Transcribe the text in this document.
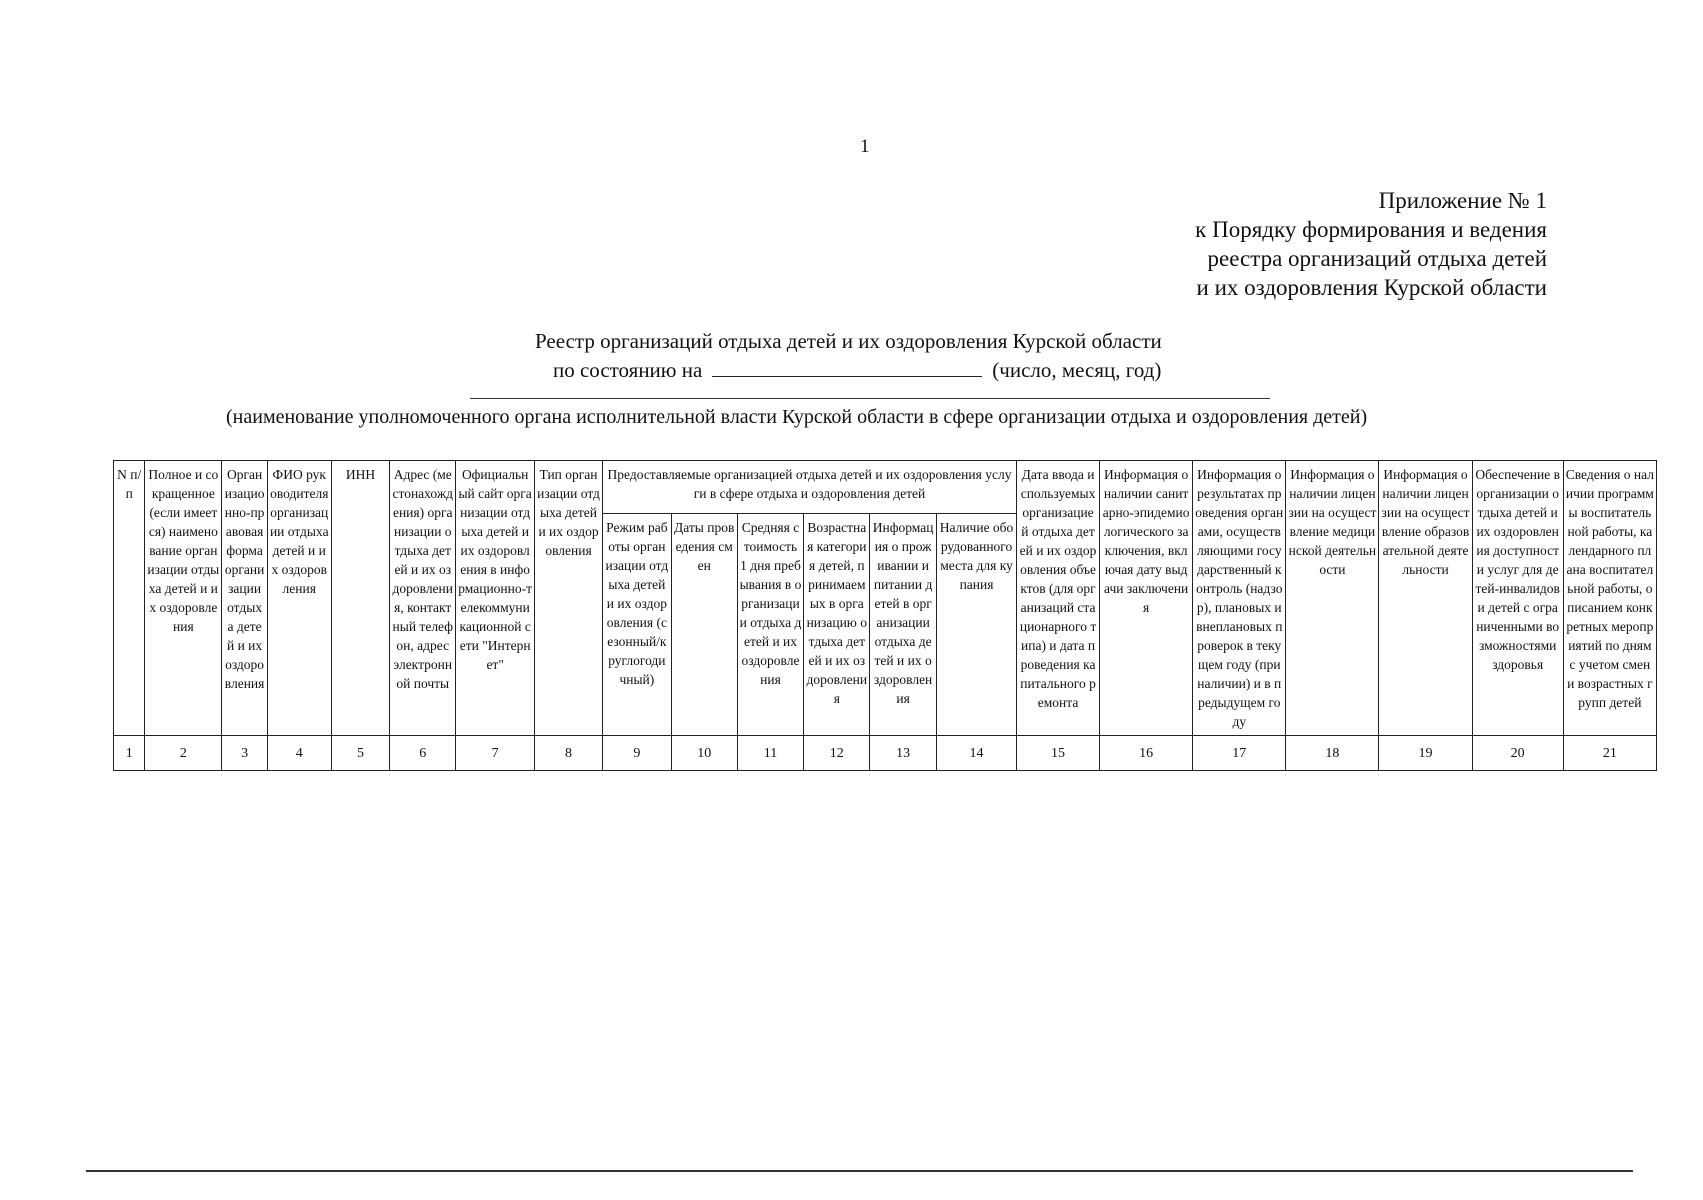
1
Приложение № 1
к Порядку формирования и ведения
реестра организаций отдыха детей
и их оздоровления Курской области
Реестр организаций отдыха детей и их оздоровления Курской области
по состоянию на	(число, месяц, год)
(наименование уполномоченного органа исполнительной власти Курской области в сфере организации отдыха и оздоровления детей)
N п/п	Полное и сокращенное (если имеется) наименование организации отдыха детей и их оздоровления	Организационно-правовая форма организации отдыха детей и их оздоровления	ФИО руководителя организации отдыха детей и их оздоровления	ИНН	Адрес (местонахождения) организации отдыха детей и их оздоровления, контактный телефон, адрес электронной почты	Официальный сайт организации отдыха детей и их оздоровления в информационно-телекоммуникационной сети "Интернет"	Тип организации отдыха детей и их оздоровления	Предоставляемые организацией отдыха детей и их оздоровления услуги в сфере отдыха и оздоровления детей						Дата ввода используемых организацией отдыха детей и их оздоровления объектов (для организаций стационарного типа) и дата проведения капитального ремонта	Информация о наличии санитарно-эпидемиологического заключения, включая дату выдачи заключения	Информация о результатах проведения органами, осуществляющими государственный контроль (надзор), плановых и внеплановых проверок в текущем году (при наличии) и в предыдущем году	Информация о наличии лицензии на осуществление медицинской деятельности	Информация о наличии лицензии на осуществление образовательной деятельности	Обеспечение в организации отдыха детей и их оздоровления доступности услуг для детей-инвалидов и детей с ограниченными возможностями здоровья	Сведения о наличии программы воспитательной работы, календарного плана воспитательной работы, описанием конкретных мероприятий по дням с учетом смен и возрастных групп детей
								Режим работы организации отдыха детей и их оздоровления (сезонный/круглогодичный)	Даты проведения смен	Средняя стоимость 1 дня пребывания в организации отдыха детей и их оздоровления	Возрастная категория детей, принимаемых в организацию отдыха детей и их оздоровления	Информация о проживании и питании детей в организации отдыха детей и их оздоровления	Наличие оборудованного места для купания							
1	2	3	4	5	6	7	8	9	10	11	12	13	14	15	16	17	18	19	20	21
